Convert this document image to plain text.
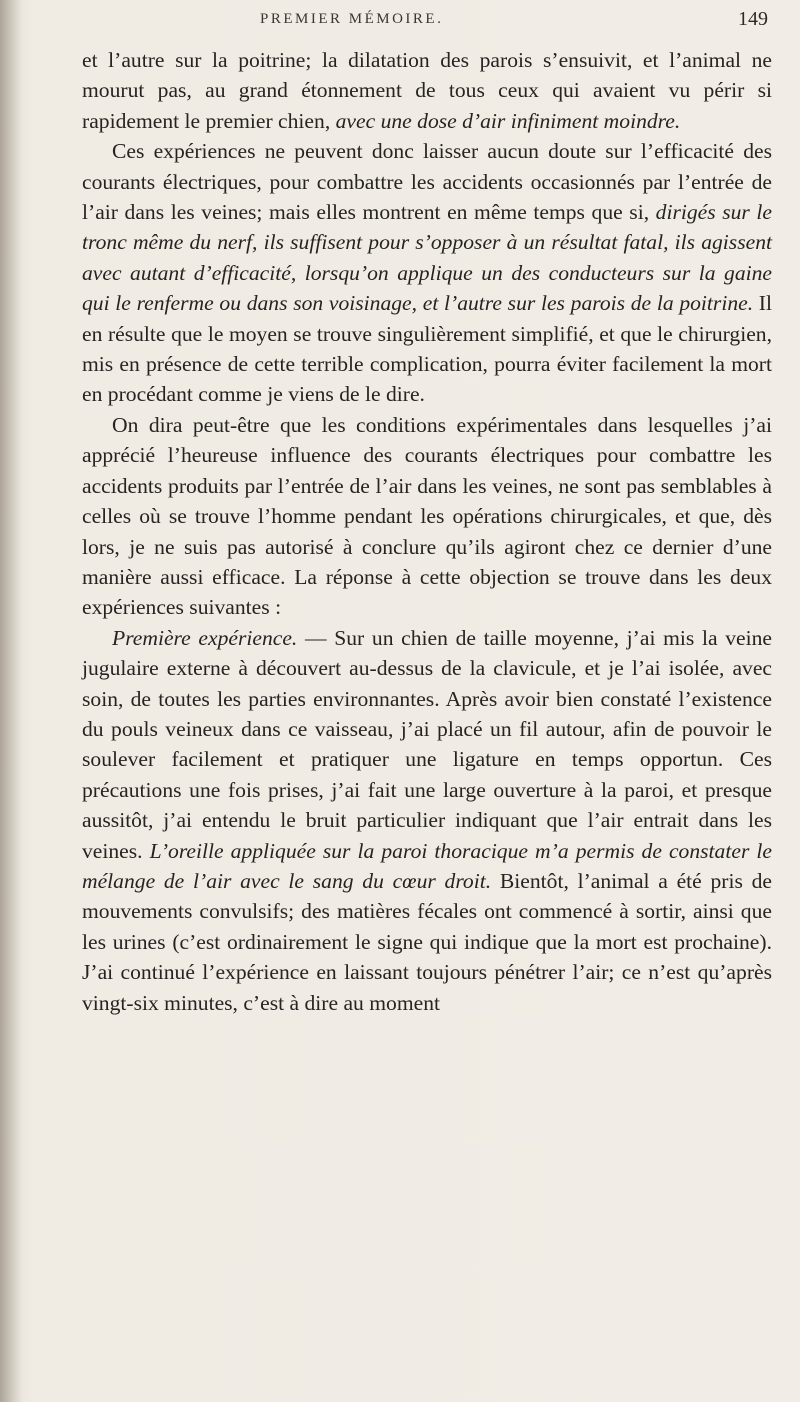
PREMIER MÉMOIRE.	149

et l’autre sur la poitrine; la dilatation des parois s’ensuivit, et l’animal ne mourut pas, au grand étonnement de tous ceux qui avaient vu périr si rapidement le premier chien, avec une dose d’air infiniment moindre.

Ces expériences ne peuvent donc laisser aucun doute sur l’efficacité des courants électriques, pour combattre les accidents occasionnés par l’entrée de l’air dans les veines; mais elles montrent en même temps que si, dirigés sur le tronc même du nerf, ils suffisent pour s’opposer à un résultat fatal, ils agissent avec autant d’efficacité, lorsqu’on applique un des conducteurs sur la gaine qui le renferme ou dans son voisinage, et l’autre sur les parois de la poitrine. Il en résulte que le moyen se trouve singulièrement simplifié, et que le chirurgien, mis en présence de cette terrible complication, pourra éviter facilement la mort en procédant comme je viens de le dire.

On dira peut-être que les conditions expérimentales dans lesquelles j’ai apprécié l’heureuse influence des courants électriques pour combattre les accidents produits par l’entrée de l’air dans les veines, ne sont pas semblables à celles où se trouve l’homme pendant les opérations chirurgicales, et que, dès lors, je ne suis pas autorisé à conclure qu’ils agiront chez ce dernier d’une manière aussi efficace. La réponse à cette objection se trouve dans les deux expériences suivantes :

Première expérience. — Sur un chien de taille moyenne, j’ai mis la veine jugulaire externe à découvert au-dessus de la clavicule, et je l’ai isolée, avec soin, de toutes les parties environnantes. Après avoir bien constaté l’existence du pouls veineux dans ce vaisseau, j’ai placé un fil autour, afin de pouvoir le soulever facilement et pratiquer une ligature en temps opportun. Ces précautions une fois prises, j’ai fait une large ouverture à la paroi, et presque aussitôt, j’ai entendu le bruit particulier indiquant que l’air entrait dans les veines. L’oreille appliquée sur la paroi thoracique m’a permis de constater le mélange de l’air avec le sang du cœur droit. Bientôt, l’animal a été pris de mouvements convulsifs; des matières fécales ont commencé à sortir, ainsi que les urines (c’est ordinairement le signe qui indique que la mort est prochaine). J’ai continué l’expérience en laissant toujours pénétrer l’air; ce n’est qu’après vingt-six minutes, c’est à dire au moment
